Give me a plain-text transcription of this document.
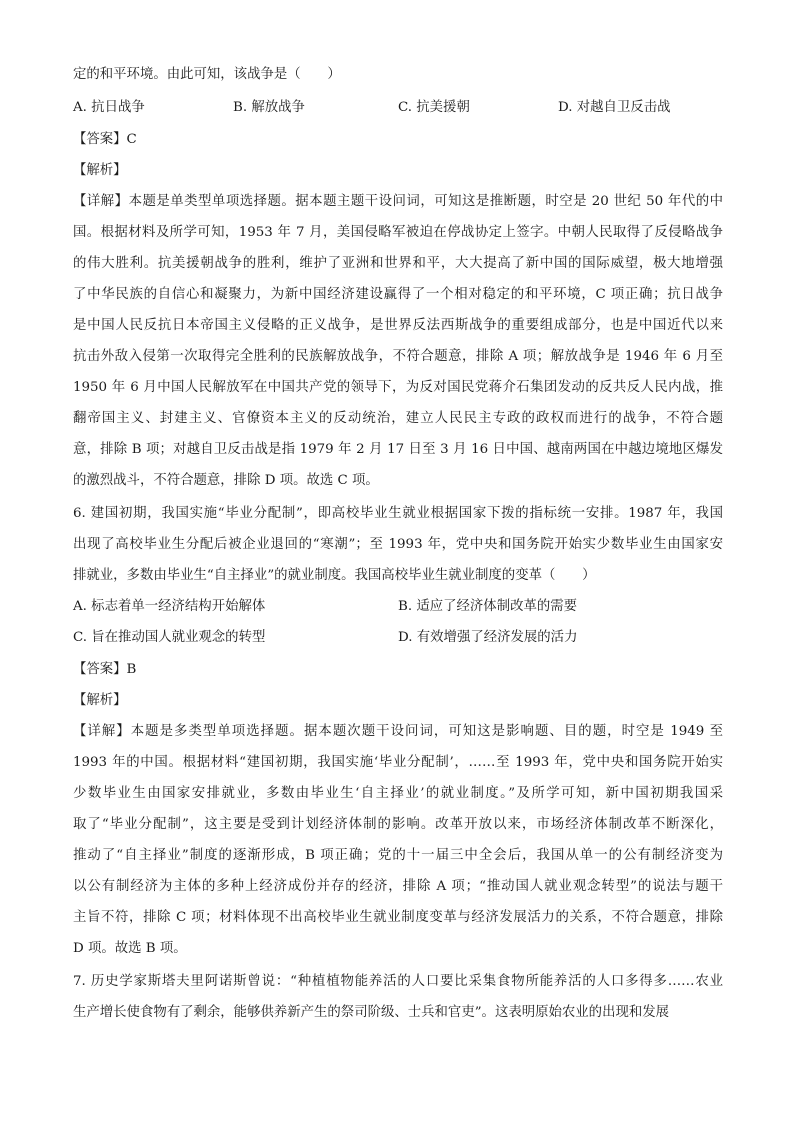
定的和平环境。由此可知，该战争是（　　）
A. 抗日战争	B. 解放战争	C. 抗美援朝	D. 对越自卫反击战
【答案】C
【解析】
【详解】本题是单类型单项选择题。据本题主题干设问词，可知这是推断题，时空是 20 世纪 50 年代的中
国。根据材料及所学可知，1953 年 7 月，美国侵略军被迫在停战协定上签字。中朝人民取得了反侵略战争
的伟大胜利。抗美援朝战争的胜利，维护了亚洲和世界和平，大大提高了新中国的国际威望，极大地增强
了中华民族的自信心和凝聚力，为新中国经济建设赢得了一个相对稳定的和平环境，C 项正确；抗日战争
是中国人民反抗日本帝国主义侵略的正义战争，是世界反法西斯战争的重要组成部分，也是中国近代以来
抗击外敌入侵第一次取得完全胜利的民族解放战争，不符合题意，排除 A 项；解放战争是 1946 年 6 月至
1950 年 6 月中国人民解放军在中国共产党的领导下，为反对国民党蒋介石集团发动的反共反人民内战，推
翻帝国主义、封建主义、官僚资本主义的反动统治，建立人民民主专政的政权而进行的战争，不符合题
意，排除 B 项；对越自卫反击战是指 1979 年 2 月 17 日至 3 月 16 日中国、越南两国在中越边境地区爆发
的激烈战斗，不符合题意，排除 D 项。故选 C 项。
6. 建国初期，我国实施“毕业分配制”，即高校毕业生就业根据国家下拨的指标统一安排。1987 年，我国
出现了高校毕业生分配后被企业退回的“寒潮”；至 1993 年，党中央和国务院开始实少数毕业生由国家安
排就业，多数由毕业生“自主择业”的就业制度。我国高校毕业生就业制度的变革（　　）
A. 标志着单一经济结构开始解体	B. 适应了经济体制改革的需要
C. 旨在推动国人就业观念的转型	D. 有效增强了经济发展的活力
【答案】B
【解析】
【详解】本题是多类型单项选择题。据本题次题干设问词，可知这是影响题、目的题，时空是 1949 至
1993 年的中国。根据材料“建国初期，我国实施‘毕业分配制’，……至 1993 年，党中央和国务院开始实
少数毕业生由国家安排就业，多数由毕业生‘自主择业’的就业制度。”及所学可知，新中国初期我国采
取了“毕业分配制”，这主要是受到计划经济体制的影响。改革开放以来，市场经济体制改革不断深化，
推动了“自主择业”制度的逐渐形成，B 项正确；党的十一届三中全会后，我国从单一的公有制经济变为
以公有制经济为主体的多种上经济成份并存的经济，排除 A 项；“推动国人就业观念转型”的说法与题干
主旨不符，排除 C 项；材料体现不出高校毕业生就业制度变革与经济发展活力的关系，不符合题意，排除
D 项。故选 B 项。
7. 历史学家斯塔夫里阿诺斯曾说：“种植植物能养活的人口要比采集食物所能养活的人口多得多……农业
生产增长使食物有了剩余，能够供养新产生的祭司阶级、士兵和官吏”。这表明原始农业的出现和发展
